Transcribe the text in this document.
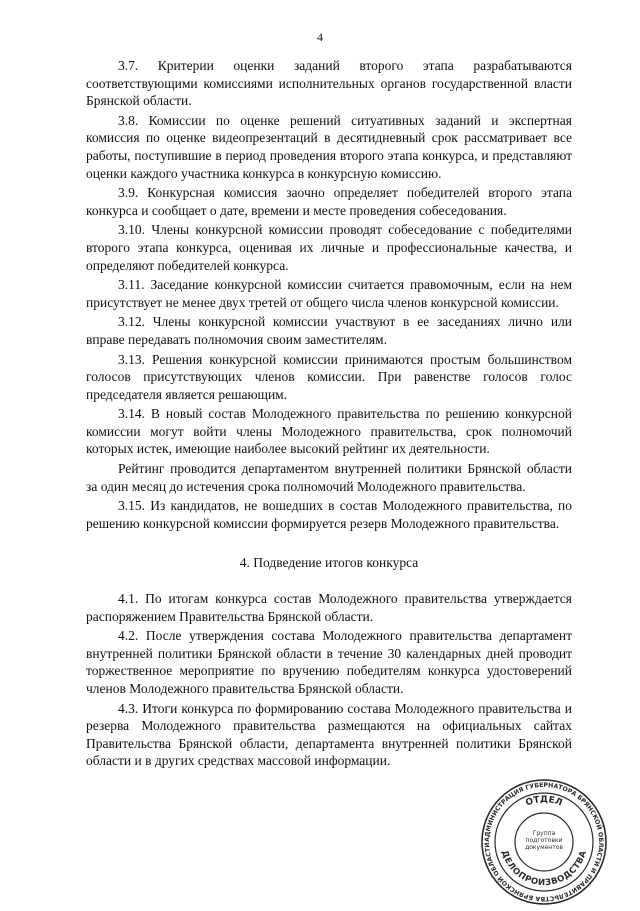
4

3.7. Критерии оценки заданий второго этапа разрабатываются соответствующими комиссиями исполнительных органов государственной власти Брянской области.

3.8. Комиссии по оценке решений ситуативных заданий и экспертная комиссия по оценке видеопрезентаций в десятидневный срок рассматривает все работы, поступившие в период проведения второго этапа конкурса, и представляют оценки каждого участника конкурса в конкурсную комиссию.

3.9. Конкурсная комиссия заочно определяет победителей второго этапа конкурса и сообщает о дате, времени и месте проведения собеседования.

3.10. Члены конкурсной комиссии проводят собеседование с победителями второго этапа конкурса, оценивая их личные и профессиональные качества, и определяют победителей конкурса.

3.11. Заседание конкурсной комиссии считается правомочным, если на нем присутствует не менее двух третей от общего числа членов конкурсной комиссии.

3.12. Члены конкурсной комиссии участвуют в ее заседаниях лично или вправе передавать полномочия своим заместителям.

3.13. Решения конкурсной комиссии принимаются простым большинством голосов присутствующих членов комиссии. При равенстве голосов голос председателя является решающим.

3.14. В новый состав Молодежного правительства по решению конкурсной комиссии могут войти члены Молодежного правительства, срок полномочий которых истек, имеющие наиболее высокий рейтинг их деятельности.

Рейтинг проводится департаментом внутренней политики Брянской области за один месяц до истечения срока полномочий Молодежного правительства.

3.15. Из кандидатов, не вошедших в состав Молодежного правительства, по решению конкурсной комиссии формируется резерв Молодежного правительства.

4. Подведение итогов конкурса

4.1. По итогам конкурса состав Молодежного правительства утверждается распоряжением Правительства Брянской области.

4.2. После утверждения состава Молодежного правительства департамент внутренней политики Брянской области в течение 30 календарных дней проводит торжественное мероприятие по вручению победителям конкурса удостоверений членов Молодежного правительства Брянской области.

4.3. Итоги конкурса по формированию состава Молодежного правительства и резерва Молодежного правительства размещаются на официальных сайтах Правительства Брянской области, департамента внутренней политики Брянской области и в других средствах массовой информации.

АДМИНИСТРАЦИЯ ГУБЕРНАТОРА БРЯНСКОЙ ОБЛАСТИ И ПРАВИТЕЛЬСТВА БРЯНСКОЙ ОБЛАСТИ
ОТДЕЛ
ДЕЛОПРОИЗВОДСТВА
Группа подготовки документов
